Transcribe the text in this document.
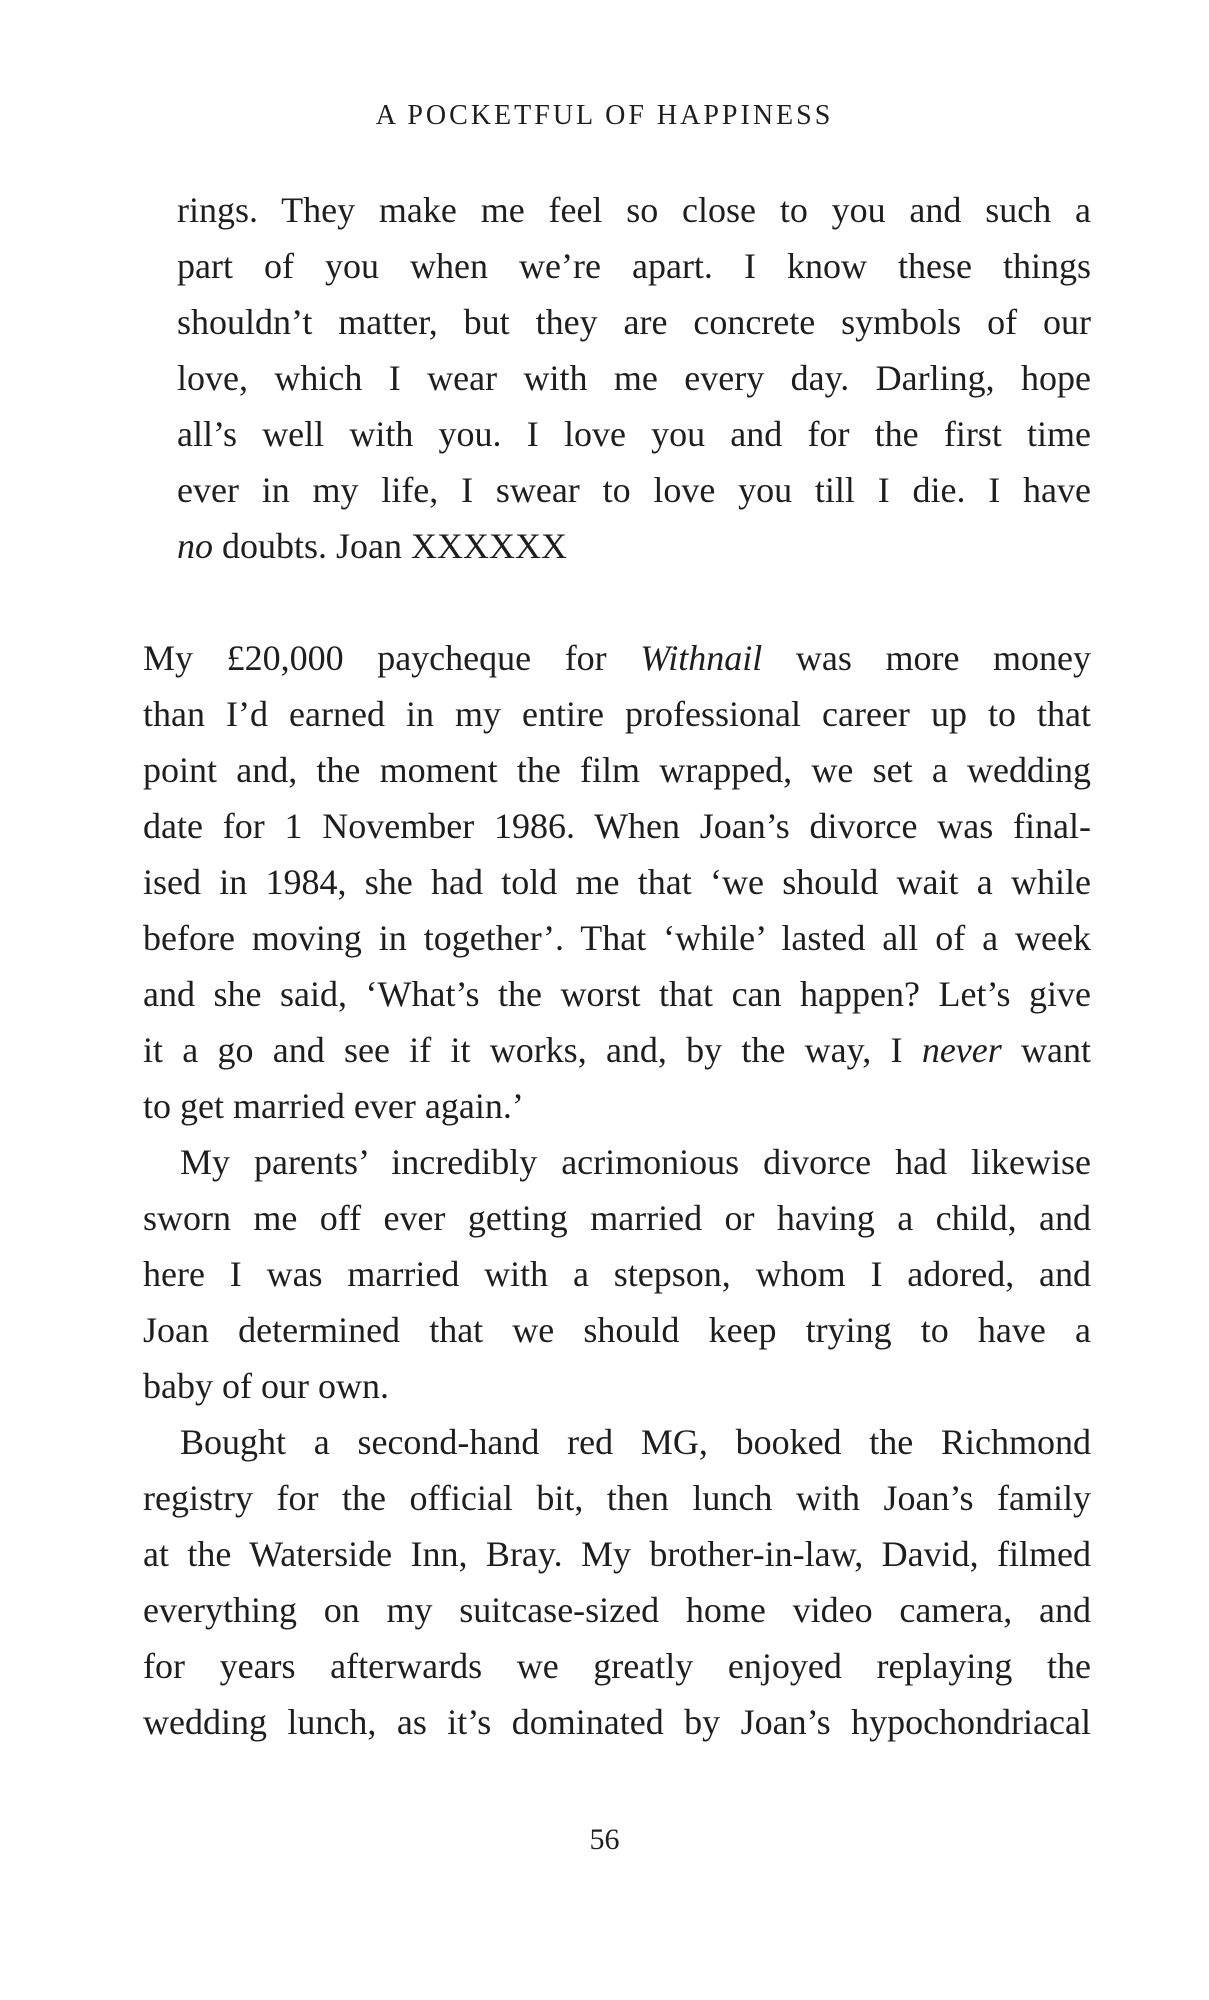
A POCKETFUL OF HAPPINESS
rings. They make me feel so close to you and such a
part of you when we’re apart. I know these things
shouldn’t matter, but they are concrete symbols of our
love, which I wear with me every day. Darling, hope
all’s well with you. I love you and for the first time
ever in my life, I swear to love you till I die. I have
no doubts. Joan XXXXXX
My £20,000 paycheque for Withnail was more money
than I’d earned in my entire professional career up to that
point and, the moment the film wrapped, we set a wedding
date for 1 November 1986. When Joan’s divorce was final-
ised in 1984, she had told me that ‘we should wait a while
before moving in together’. That ‘while’ lasted all of a week
and she said, ‘What’s the worst that can happen? Let’s give
it a go and see if it works, and, by the way, I never want
to get married ever again.’
My parents’ incredibly acrimonious divorce had likewise
sworn me off ever getting married or having a child, and
here I was married with a stepson, whom I adored, and
Joan determined that we should keep trying to have a
baby of our own.
Bought a second-hand red MG, booked the Richmond
registry for the official bit, then lunch with Joan’s family
at the Waterside Inn, Bray. My brother-in-law, David, filmed
everything on my suitcase-sized home video camera, and
for years afterwards we greatly enjoyed replaying the
wedding lunch, as it’s dominated by Joan’s hypochondriacal
56
